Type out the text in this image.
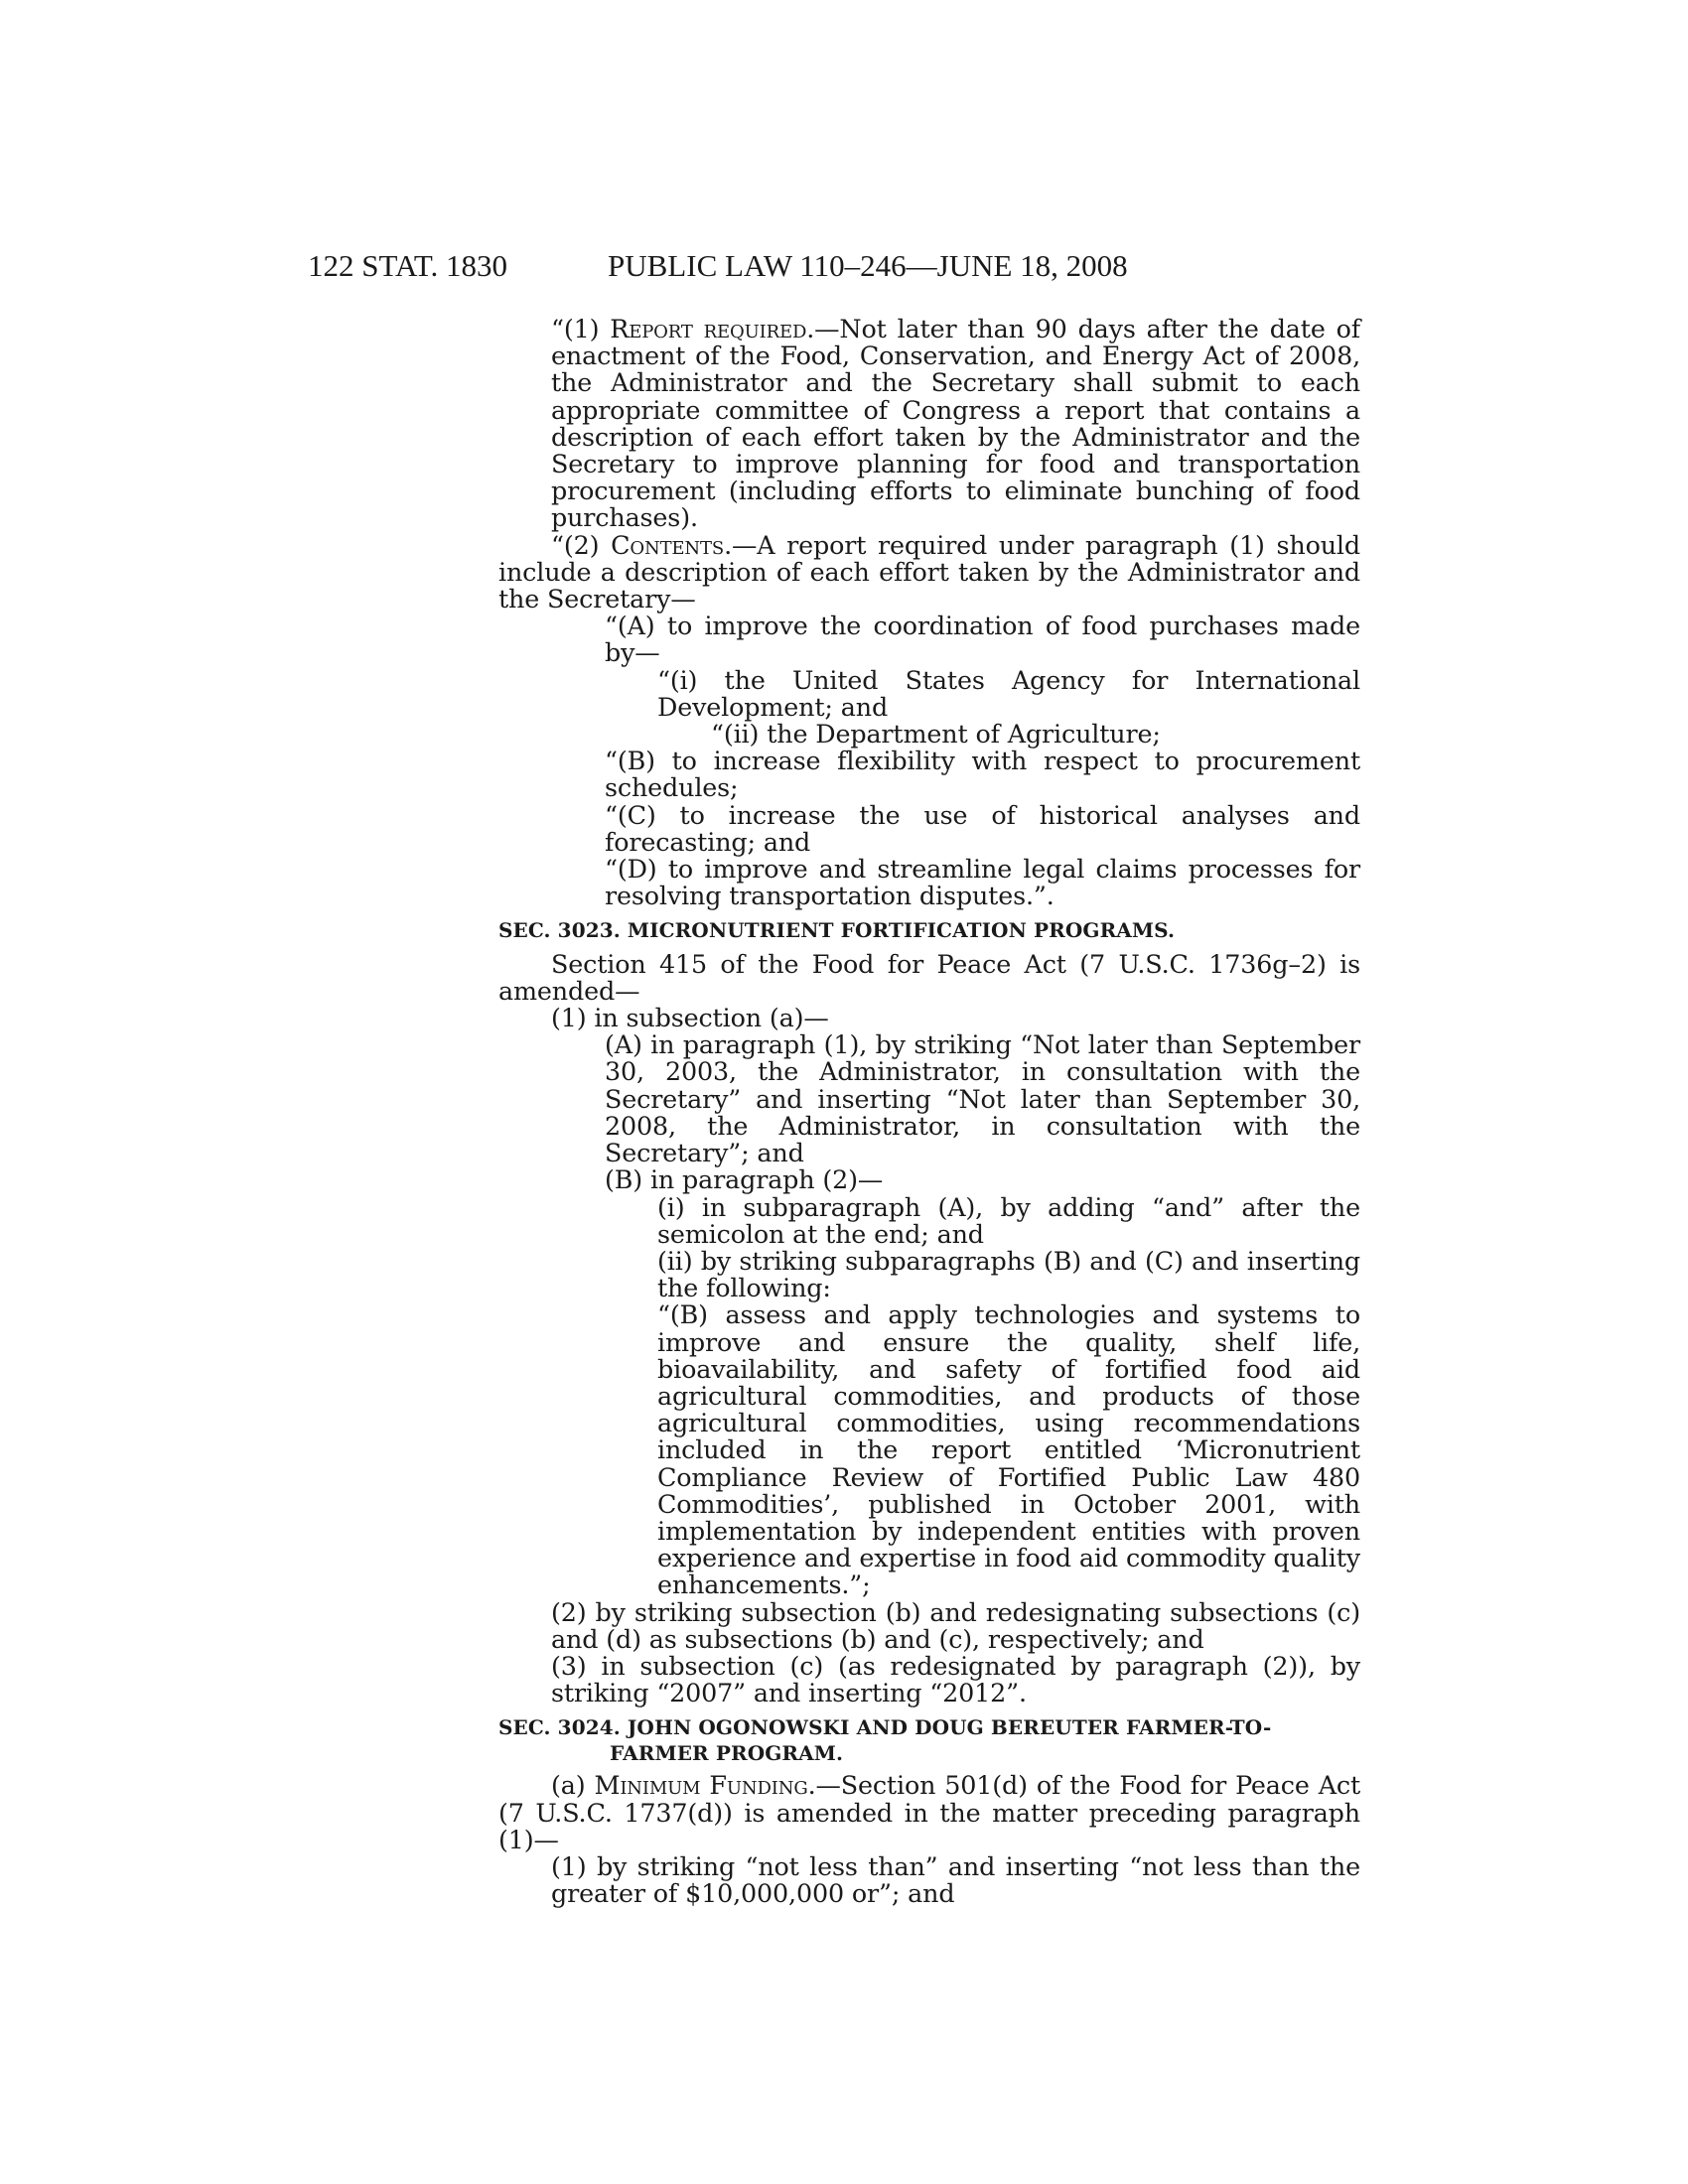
122 STAT. 1830	PUBLIC LAW 110–246—JUNE 18, 2008

“(1) Report required.—Not later than 90 days after the date of enactment of the Food, Conservation, and Energy Act of 2008, the Administrator and the Secretary shall submit to each appropriate committee of Congress a report that contains a description of each effort taken by the Administrator and the Secretary to improve planning for food and transportation procurement (including efforts to eliminate bunching of food purchases).

“(2) Contents.—A report required under paragraph (1) should include a description of each effort taken by the Administrator and the Secretary—

“(A) to improve the coordination of food purchases made by—

“(i) the United States Agency for International Development; and

“(ii) the Department of Agriculture;

“(B) to increase flexibility with respect to procurement schedules;

“(C) to increase the use of historical analyses and forecasting; and

“(D) to improve and streamline legal claims processes for resolving transportation disputes.”.

SEC. 3023. MICRONUTRIENT FORTIFICATION PROGRAMS.

Section 415 of the Food for Peace Act (7 U.S.C. 1736g–2) is amended—

(1) in subsection (a)—

(A) in paragraph (1), by striking “Not later than September 30, 2003, the Administrator, in consultation with the Secretary” and inserting “Not later than September 30, 2008, the Administrator, in consultation with the Secretary”; and

(B) in paragraph (2)—

(i) in subparagraph (A), by adding “and” after the semicolon at the end; and

(ii) by striking subparagraphs (B) and (C) and inserting the following:

“(B) assess and apply technologies and systems to improve and ensure the quality, shelf life, bioavailability, and safety of fortified food aid agricultural commodities, and products of those agricultural commodities, using recommendations included in the report entitled ‘Micronutrient Compliance Review of Fortified Public Law 480 Commodities’, published in October 2001, with implementation by independent entities with proven experience and expertise in food aid commodity quality enhancements.”;

(2) by striking subsection (b) and redesignating subsections (c) and (d) as subsections (b) and (c), respectively; and

(3) in subsection (c) (as redesignated by paragraph (2)), by striking “2007” and inserting “2012”.

SEC. 3024. JOHN OGONOWSKI AND DOUG BEREUTER FARMER-TO-FARMER PROGRAM.

(a) Minimum Funding.—Section 501(d) of the Food for Peace Act (7 U.S.C. 1737(d)) is amended in the matter preceding paragraph (1)—

(1) by striking “not less than” and inserting “not less than the greater of $10,000,000 or”; and
